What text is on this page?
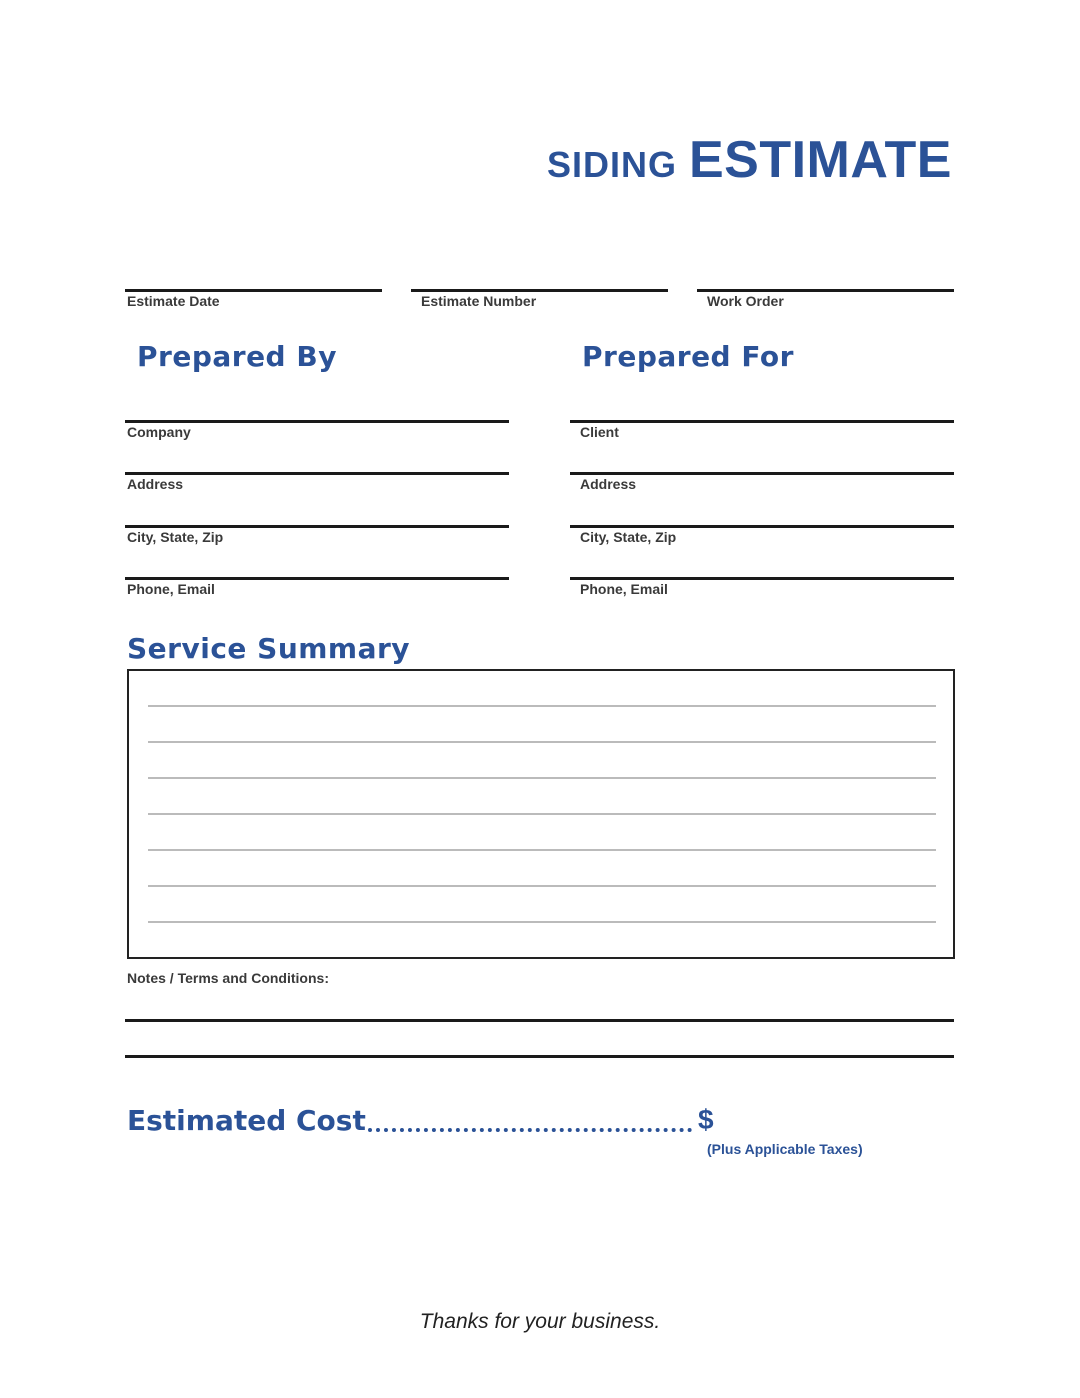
SIDING ESTIMATE
Estimate Date	Estimate Number	Work Order
Prepared By
Company
Address
City, State, Zip
Phone, Email
Prepared For
Client
Address
City, State, Zip
Phone, Email
Service Summary
Notes / Terms and Conditions:
Estimated Cost	$
(Plus Applicable Taxes)
Thanks for your business.
